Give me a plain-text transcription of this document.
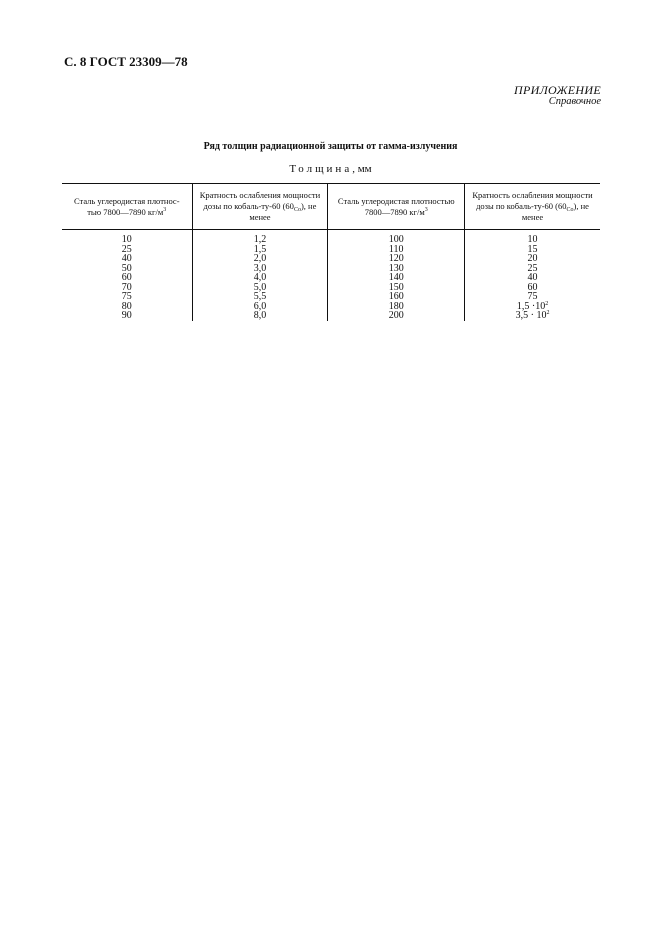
С. 8 ГОСТ 23309—78
ПРИЛОЖЕНИЕ
Справочное
Ряд толщин радиационной защиты от гамма-излучения
Толщина, мм
Сталь углеродистая плотнос-тью 7800—7890 $кг/м^3$	Кратность ослабления мощности дозы по кобаль-ту-60 $(60_{Co})$, не менее	Сталь углеродистая плотностью 7800—7890 $кг/м^3$	Кратность ослабления мощности дозы по кобаль-ту-60 $(60_{Co})$, не менее
10	1,2	100	10
25	1,5	110	15
40	2,0	120	20
50	3,0	130	25
60	4,0	140	40
70	5,0	150	60
75	5,5	160	75
80	6,0	180	$1,5 \cdot 10^2$
90	8,0	200	$3,5 \cdot 10^2$
